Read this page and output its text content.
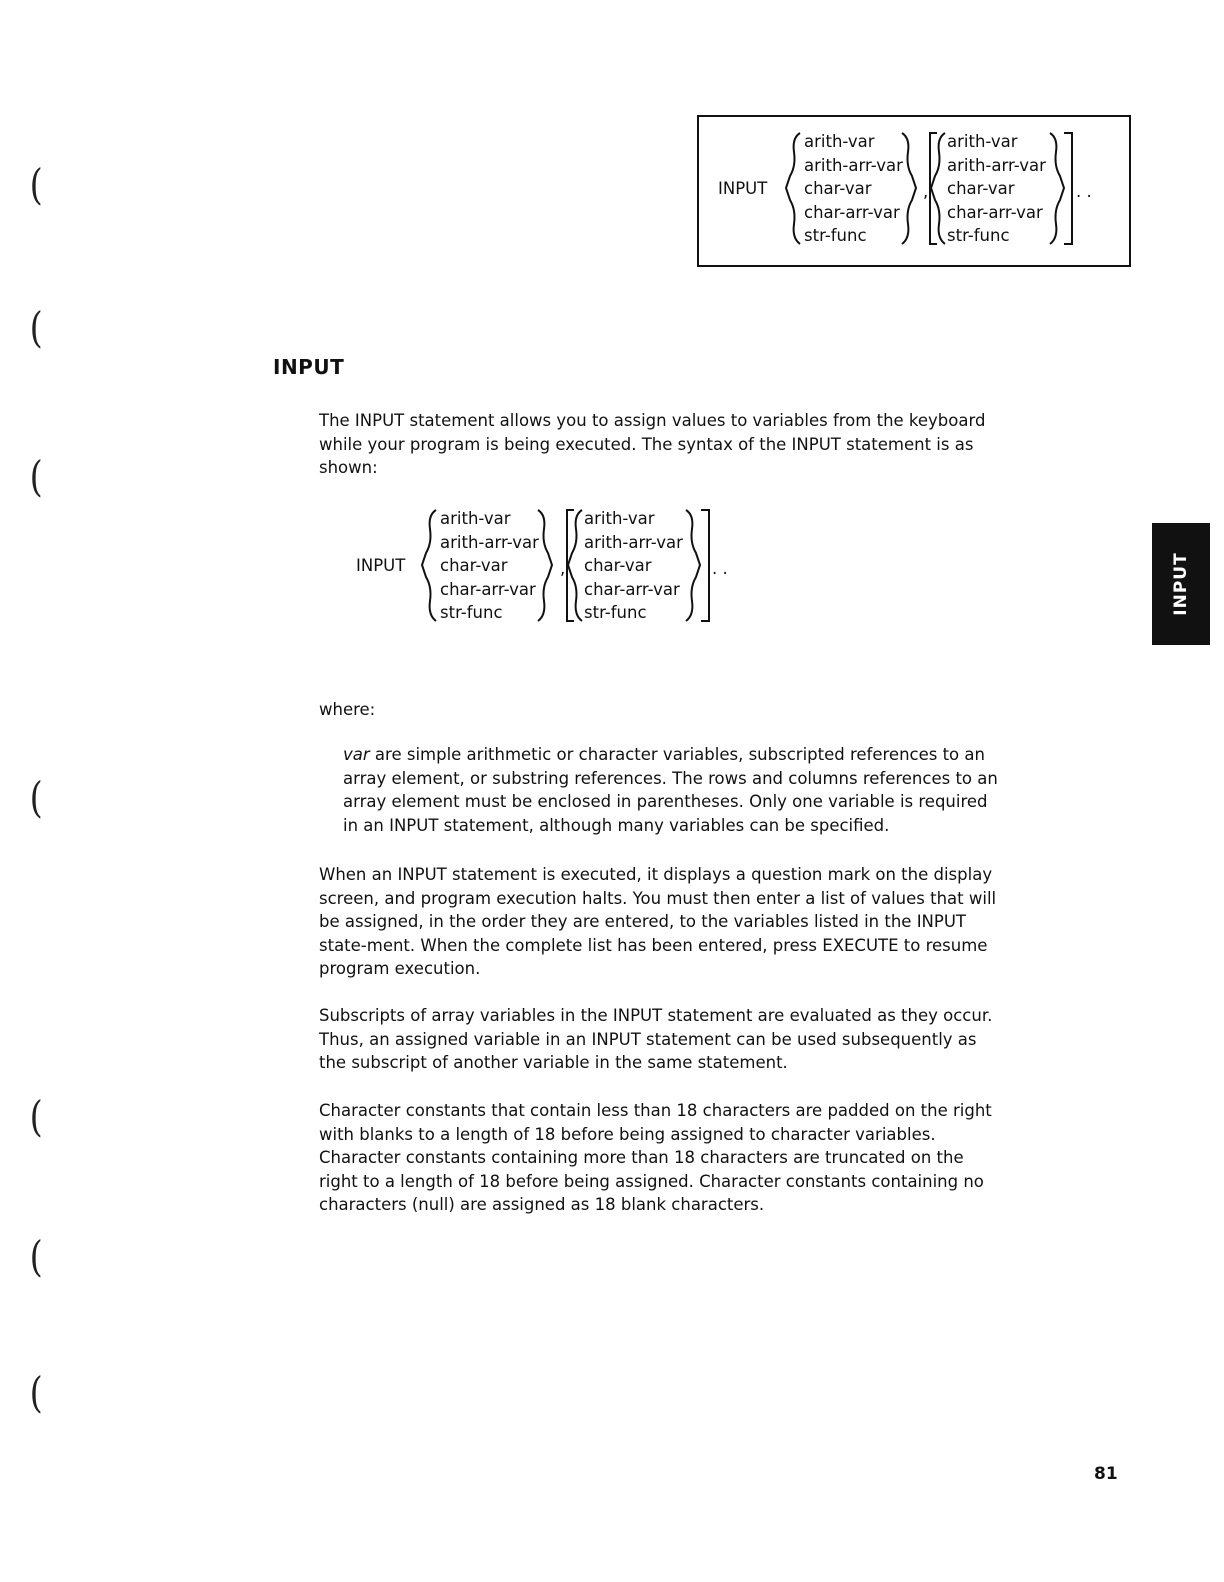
(
(
(
(
(
(
(
INPUT
arith-var
arith-arr-var
char-var
char-arr-var
str-func
,
arith-var
arith-arr-var
char-var
char-arr-var
str-func
. .
INPUT

The INPUT statement allows you to assign values to variables from the keyboard while your program is being executed. The syntax of the INPUT statement is as shown:

INPUT
arith-var
arith-arr-var
char-var
char-arr-var
str-func
,
arith-var
arith-arr-var
char-var
char-arr-var
str-func
. .
where:

var are simple arithmetic or character variables, subscripted references to an array element, or substring references. The rows and columns references to an array element must be enclosed in parentheses. Only one variable is required in an INPUT statement, although many variables can be specified.

When an INPUT statement is executed, it displays a question mark on the display screen, and program execution halts. You must then enter a list of values that will be assigned, in the order they are entered, to the variables listed in the INPUT state-ment. When the complete list has been entered, press EXECUTE to resume program execution.

Subscripts of array variables in the INPUT statement are evaluated as they occur. Thus, an assigned variable in an INPUT statement can be used subsequently as the subscript of another variable in the same statement.

Character constants that contain less than 18 characters are padded on the right with blanks to a length of 18 before being assigned to character variables. Character constants containing more than 18 characters are truncated on the right to a length of 18 before being assigned. Character constants containing no characters (null) are assigned as 18 blank characters.

INPUT
81
